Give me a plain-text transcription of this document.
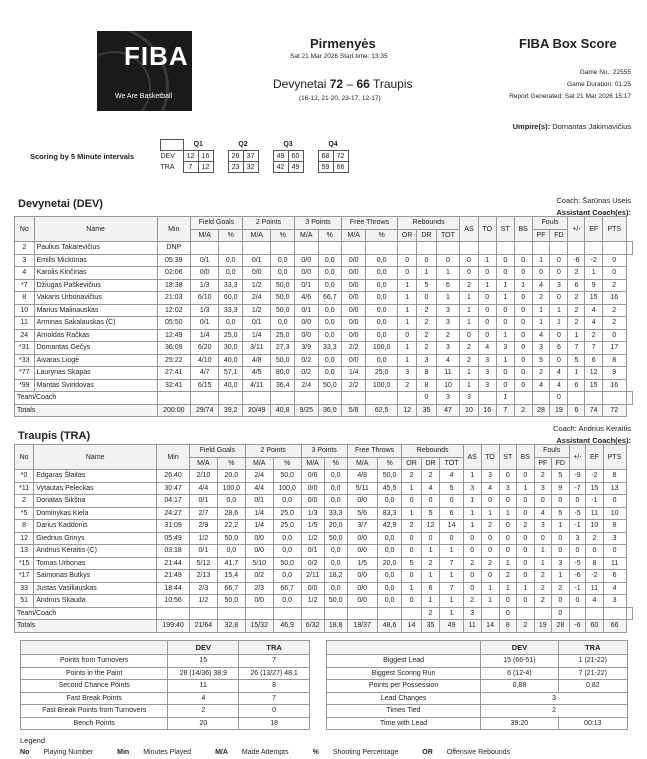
FIBA
We Are Basketball
Pirmenyės
Sat 21 Mar 2026 Start time: 13:35
Devynetai 72 – 66 Traupis
(16-12, 21-20, 23-17, 12-17)
FIBA Box Score
Game No.: 22555
Game Duration: 01:25
Report Generated: Sat 21 Mar 2026 15:17
Umpire(s): Domantas Jakimavičius
Scoring by 5 Minute intervals
	Q1			Q2			Q3			Q4		
DEV	12	16		26	37		49	60		68	72	
TRA	7	12		23	32		42	49		59	66	
Devynetai (DEV)	Coach: Šarūnas Useis
Assistant Coach(es):
No	Name	Min	Field Goals		2 Points		3 Points		Free Throws		Rebounds			AS	TO	ST	BS	Fouls		+/-	EF	PTS	
			M/A	%	M/A	%	M/A	%	M/A	%	OR	DR	TOT					PF	FD				
2	Paulius Takarevičius	DNP																					
3	Emilis Mickūnas	05:39	0/1	0,0	0/1	0,0	0/0	0,0	0/0	0,0	0	0	0	0	1	0	0	1	0	-6	-2	0	
4	Karolis Kinčinas	02:06	0/0	0,0	0/0	0,0	0/0	0,0	0/0	0,0	0	1	1	0	0	0	0	0	0	2	1	0	
*7	Džiugas Paškevičius	18:38	1/3	33,3	1/2	50,0	0/1	0,0	0/0	0,0	1	5	6	2	1	1	1	4	3	6	9	2	
8	Vakaris Urbonavičius	21:03	6/10	60,0	2/4	50,0	4/6	66,7	0/0	0,0	1	0	1	1	0	1	0	2	0	2	15	16	
10	Marius Malinauskas	12:02	1/3	33,3	1/2	50,0	0/1	0,0	0/0	0,0	1	2	3	1	0	0	0	1	1	2	4	2	
11	Arminas Sakalauskas (C)	05:50	0/1	0,0	0/1	0,0	0/0	0,0	0/0	0,0	1	2	3	1	0	0	0	1	1	2	4	2	
24	Arnoldas Račkas	12:49	1/4	25,0	1/4	25,0	0/0	0,0	0/0	0,0	0	2	2	0	0	1	0	4	0	1	2	0	
*31	Domantas Gečys	36:09	6/20	30,0	3/11	27,3	3/9	33,3	2/2	100,0	1	2	3	2	4	3	0	3	6	7	7	17	
*33	Aivaras Liogė	25:22	4/10	40,0	4/8	50,0	0/2	0,0	0/0	0,0	1	3	4	2	3	1	0	5	0	5	6	8	
*77	Laurynas Skapas	27:41	4/7	57,1	4/5	80,0	0/2	0,0	1/4	25,0	3	8	11	1	3	0	0	2	4	1	12	9	
*99	Mantas Sviridovas	32:41	6/15	40,0	4/11	36,4	2/4	50,0	2/2	100,0	2	8	10	1	3	0	0	4	4	6	15	16	
Team/Coach												0	3	3		1			0				
Totals		200:00	29/74	39,2	20/49	40,8	9/25	36,0	5/8	62,5	12	35	47	10	16	7	2	28	19	6	74	72	
Traupis (TRA)
Coach: Andrius Keraitis
Assistant Coach(es):
No	Name	Min	Field Goals		2 Points		3 Points		Free Throws		Rebounds			AS	TO	ST	BS	Fouls		+/-	EF	PTS	
			M/A	%	M/A	%	M/A	%	M/A	%	OR	DR	TOT					PF	FD				
*0	Edgaras Šlaitas	26:40	2/10	20,0	2/4	50,0	0/6	0,0	4/8	50,0	2	2	4	1	3	0	0	2	5	-9	-2	8	
*11	Vytautas Peleckas	30:47	4/4	100,0	4/4	100,0	0/0	0,0	5/11	45,5	1	4	5	3	4	3	1	3	9	-7	15	13	
2	Donatas Šikšna	04:17	0/1	0,0	0/1	0,0	0/0	0,0	0/0	0,0	0	0	0	1	0	0	0	0	0	0	-1	0	
*5	Dominykas Kiela	24:27	2/7	28,6	1/4	25,0	1/3	33,3	5/6	83,3	1	5	6	1	1	1	0	4	5	-5	11	10	
8	Darius Kaddonis	31:09	2/9	22,2	1/4	25,0	1/5	20,0	3/7	42,9	2	12	14	1	2	0	2	3	1	-1	10	8	
12	Giedrius Grinys	05:49	1/2	50,0	0/0	0,0	1/2	50,0	0/0	0,0	0	0	0	0	0	0	0	0	0	3	2	3	
13	Andrius Keraitis (C)	03:18	0/1	0,0	0/0	0,0	0/1	0,0	0/0	0,0	0	1	1	0	0	0	0	1	0	0	0	0	
*15	Tomas Urbonas	21:44	5/12	41,7	5/10	50,0	0/2	0,0	1/5	20,0	5	2	7	2	2	1	0	1	3	-5	8	11	
*17	Saimonas Butkys	21:49	2/13	15,4	0/2	0,0	2/11	18,2	0/0	0,0	0	1	1	0	0	2	0	2	1	-6	-2	6	
33	Justas Vasiliauskas	18:44	2/3	66,7	2/3	66,7	0/0	0,0	0/0	0,0	1	6	7	0	1	1	1	2	2	-1	11	4	
51	Andrius Skauda	10:56	1/2	50,0	0/0	0,0	1/2	50,0	0/0	0,0	0	1	1	2	1	0	0	2	0	0	4	3	
Team/Coach												2	1	3		0			0				
Totals		199:40	21/64	32,8	15/32	46,9	6/32	18,8	18/37	48,6	14	35	49	11	14	8	2	19	28	-6	60	66	
	DEV	TRA
Points from Turnovers	15	7
Points in the Paint	28 (14/36) 38,9	26 (13/27) 48,1
Second Chance Points	11	8
Fast Break Points	4	7
Fast Break Points from Turnovers	2	0
Bench Points	20	18
	DEV	TRA
Biggest Lead	15 (66-51)	1 (21-22)
Biggest Scoring Run	6 (12-4)	7 (21-22)
Points per Possession	0,88	0,82
Lead Changes	3	
Times Tied	2	
Time with Lead	39:20	00:13
Legend
No Playing Number	Min Minutes Played	M/A Made Attempts	% Shooting Percentage	OR Offensive Rebounds
